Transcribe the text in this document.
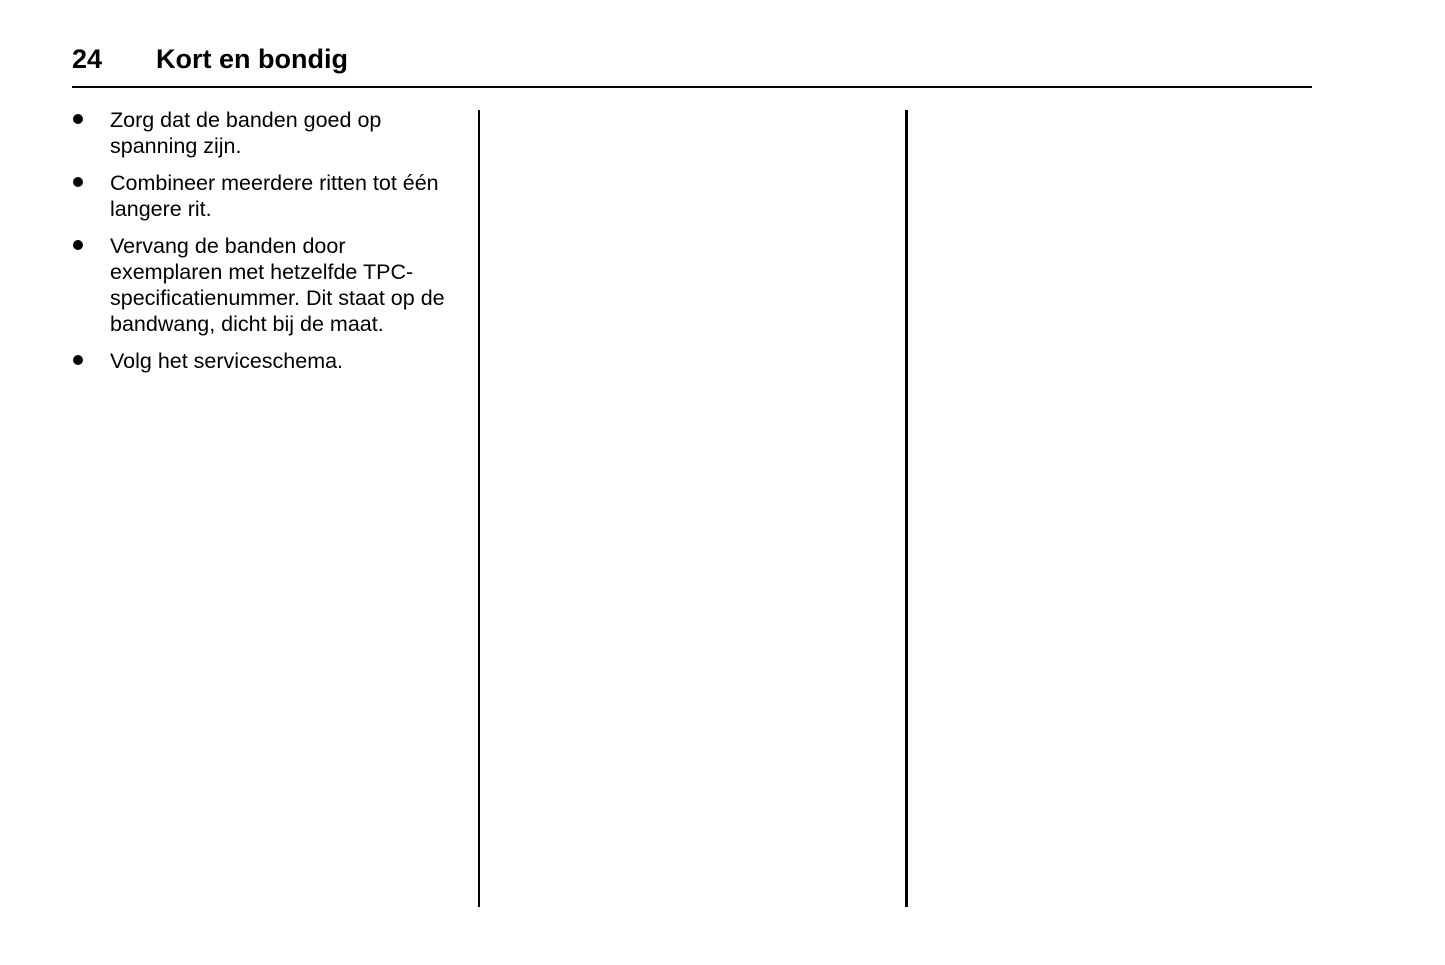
24 Kort en bondig
Zorg dat de banden goed op spanning zijn.
Combineer meerdere ritten tot één langere rit.
Vervang de banden door exemplaren met hetzelfde TPC-specificatienummer. Dit staat op de bandwang, dicht bij de maat.
Volg het serviceschema.
